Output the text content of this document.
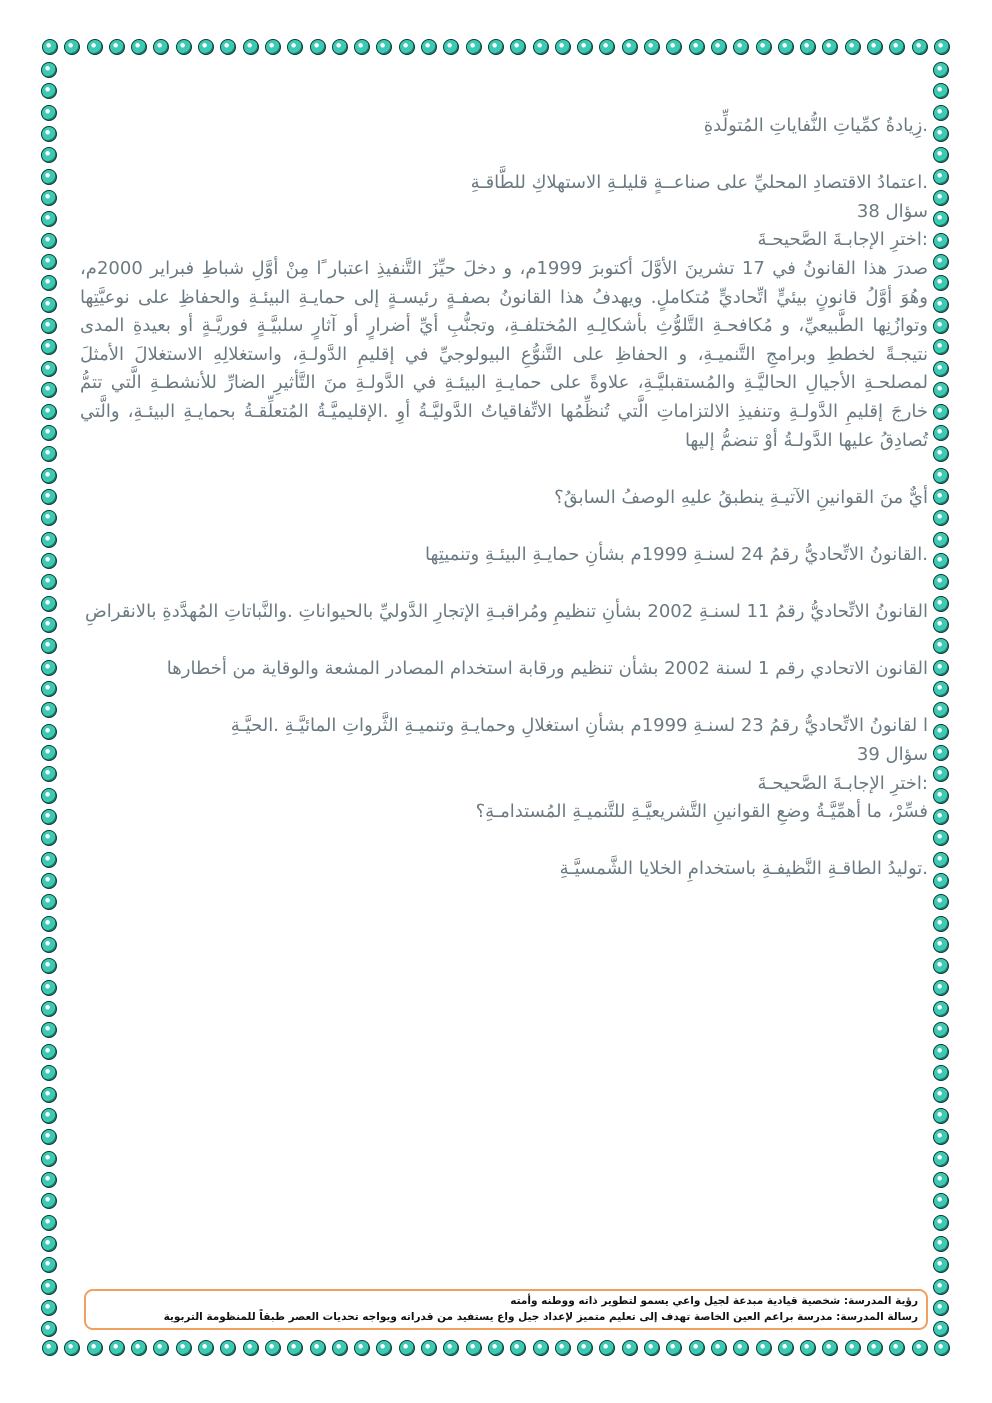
.زِيادةُ كمِّياتِ النُّفاياتِ المُتولِّدةِ

.اعتمادُ الاقتصادِ المحليِّ على صناعــةٍ قليلـةِ الاستهلاكِ للطَّاقـةِ

سؤال 38

:اخترِ الإجابـةَ الصَّحيحـةَ

صدرَ هذا القانونُ في 17 تشرينَ الأوَّلَ أكتوبرَ 1999م، و دخلَ حيِّزَ التَّنفيذِ اعتبار ًا مِنْ أوَّلِ شباطِ فبراير 2000م، وهُوَ أوَّلُ قانونٍ بيئيٍّ اتِّحاديٍّ مُتكاملٍ. ويهدفُ هذا القانونُ بصفـةٍ رئيسـةٍ إلى حمايـةِ البيئـةِ والحفاظِ على نوعيَّتِها وتوازُنِها الطَّبيعيِّ، و مُكافحـةِ التَّلوُّثِ بأشكالِـهِ المُختلفـةِ، وتجنُّبِ أيِّ أضرارٍ أو آثارٍ سلبيَّـةٍ فوريَّـةٍ أو بعيدةِ المدى نتيجـةً لخططِ وبرامجِ التَّنميـةِ، و الحفاظِ على التَّنوُّعِ البيولوجيِّ في إقليمِ الدَّولـةِ، واستغلالِهِ الاستغلالَ الأمثلَ لمصلحـةِ الأجيالِ الحاليَّـةِ والمُستقبليَّـةِ، علاوةً على حمايـةِ البيئـةِ في الدَّولـةِ منَ التَّأثيرِ الضارِّ للأنشطـةِ الَّتي تتمُّ خارجَ إقليمِ الدَّولـةِ وتنفيذِ الالتزاماتِ الَّتي تُنظِّمُها الاتِّفاقياتُ الدَّوليَّـةُ أوِ .الإقليميَّـةُ المُتعلِّقـةُ بحمايـةِ البيئـةِ، والَّتي تُصادِقُ عليها الدَّولـةُ أوْ تنضمُّ إليها

أيٌّ منَ القوانينِ الآتيـةِ ينطبقُ عليهِ الوصفُ السابقُ؟

.القانونُ الاتِّحاديُّ رقمُ 24 لسنـةِ 1999م بشأنِ حمايـةِ البيئـةِ وتنميتِها

القانونُ الاتِّحاديُّ رقمُ 11 لسنـةِ 2002 بشأنِ تنظيمِ ومُراقبـةِ الإتجارِ الدَّوليِّ بالحيواناتِ .والنَّباتاتِ المُهدَّدةِ بالانقراضِ

القانون الاتحادي رقم 1 لسنة 2002 بشأن تنظيم ورقابة استخدام المصادر المشعة والوقاية من أخطارها

ا لقانونُ الاتِّحاديُّ رقمُ 23 لسنـةِ 1999م بشأنِ استغلالِ وحمايـةِ وتنميـةِ الثَّرواتِ المائيَّـةِ .الحيَّـةِ

سؤال 39

:اخترِ الإجابـةَ الصَّحيحـةَ

فسِّرْ، ما أهمِّيَّـةُ وضعِ القوانينِ التَّشريعيَّـةِ للتَّنميـةِ المُستدامـةِ؟

.توليدُ الطاقـةِ النَّظيفـةِ باستخدامِ الخلايا الشَّمسيَّـةِ

رؤية المدرسة: شخصية قيادية مبدعة لجيل واعي يسمو لتطوير ذاته ووطنه وأمته
رسالة المدرسة: مدرسة براعم العين الخاصة تهدف إلى تعليم متميز لإعداد جيل واع يستفيد من قدراته ويواجه تحديات العصر طبقاً للمنظومة التربوية
